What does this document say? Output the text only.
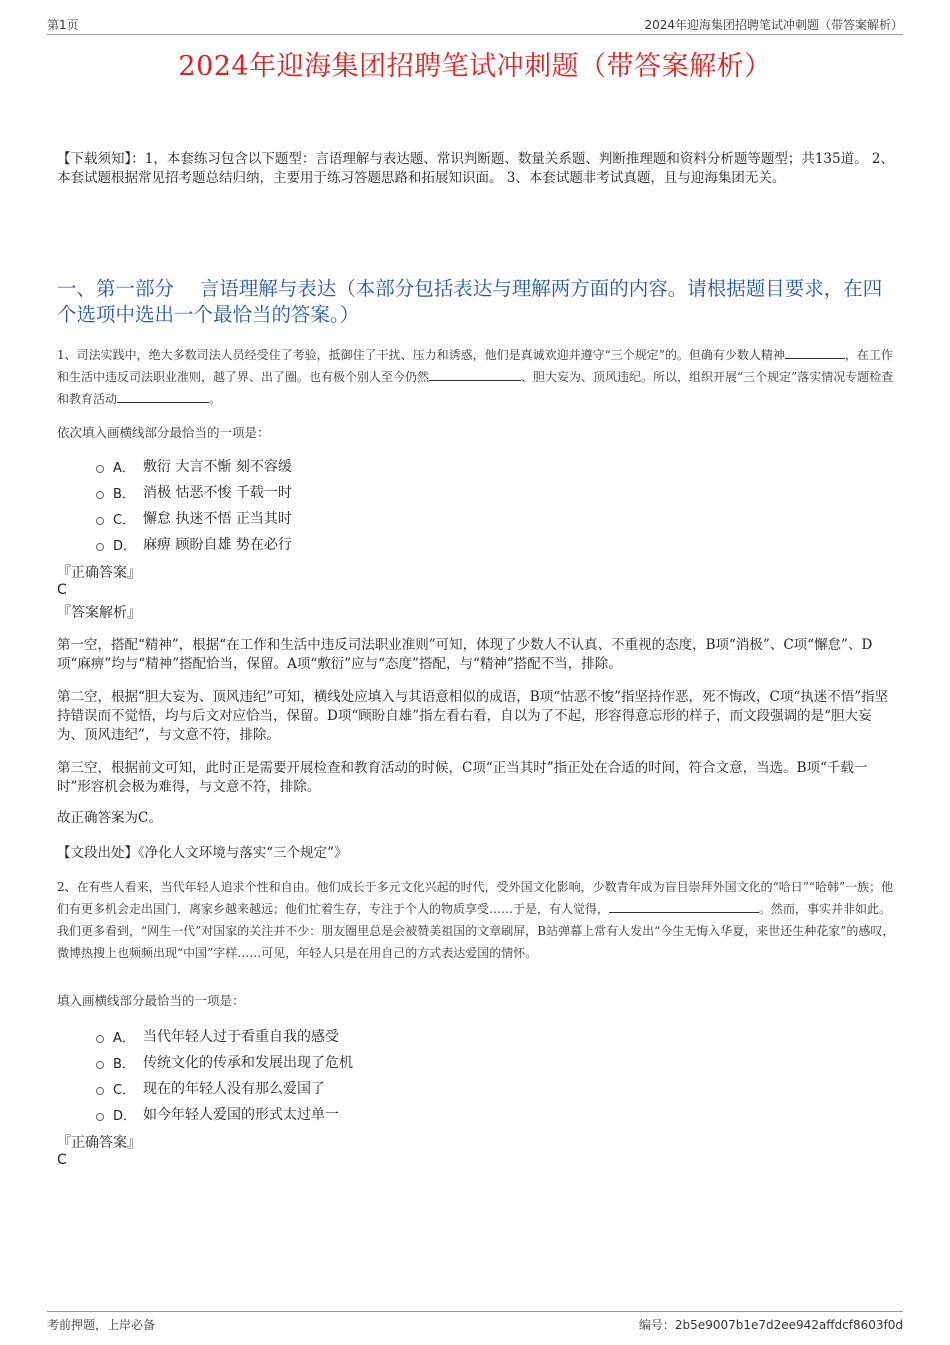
第1页	2024年迎海集团招聘笔试冲刺题（带答案解析）
2024年迎海集团招聘笔试冲刺题（带答案解析）
【下载须知】：1，本套练习包含以下题型：言语理解与表达题、常识判断题、数量关系题、判断推理题和资料分析题等题型；共135道。 2、本套试题根据常见招考题总结归纳，主要用于练习答题思路和拓展知识面。 3、本套试题非考试真题，且与迎海集团无关。
一、第一部分　 言语理解与表达（本部分包括表达与理解两方面的内容。请根据题目要求，在四个选项中选出一个最恰当的答案。）
1、司法实践中，绝大多数司法人员经受住了考验，抵御住了干扰、压力和诱惑，他们是真诚欢迎并遵守“三个规定”的。但确有少数人精神	，在工作和生活中违反司法职业准则，越了界、出了圈。也有极个别人至今仍然	、胆大妄为、顶风违纪。所以，组织开展“三个规定”落实情况专题检查和教育活动	。
依次填入画横线部分最恰当的一项是：
A． 敷衍 大言不惭 刻不容缓
B． 消极 怙恶不悛 千载一时
C． 懈怠 执迷不悟 正当其时
D． 麻痹 顾盼自雄 势在必行
『正确答案』
C
『答案解析』
第一空，搭配“精神”，根据“在工作和生活中违反司法职业准则”可知，体现了少数人不认真、不重视的态度，B项“消极”、C项“懈怠”、D项“麻痹”均与“精神”搭配恰当，保留。A项“敷衍”应与“态度”搭配，与“精神”搭配不当，排除。
第二空，根据“胆大妄为、顶风违纪”可知，横线处应填入与其语意相似的成语，B项“怙恶不悛”指坚持作恶，死不悔改，C项“执迷不悟”指坚持错误而不觉悟，均与后文对应恰当，保留。D项“顾盼自雄”指左看右看，自以为了不起，形容得意忘形的样子，而文段强调的是“胆大妄为、顶风违纪”，与文意不符，排除。
第三空，根据前文可知，此时正是需要开展检查和教育活动的时候，C项“正当其时”指正处在合适的时间，符合文意，当选。B项“千载一时”形容机会极为难得，与文意不符，排除。
故正确答案为C。
【文段出处】《净化人文环境与落实“三个规定”》
2、在有些人看来，当代年轻人追求个性和自由。他们成长于多元文化兴起的时代，受外国文化影响，少数青年成为盲目崇拜外国文化的“哈日”“哈韩”一族；他们有更多机会走出国门，离家乡越来越远；他们忙着生存，专注于个人的物质享受……于是，有人觉得，	。然而，事实并非如此。我们更多看到，“网生一代”对国家的关注并不少：朋友圈里总是会被赞美祖国的文章刷屏，B站弹幕上常有人发出“今生无悔入华夏，来世还生种花家”的感叹，微博热搜上也频频出现“中国”字样……可见，年轻人只是在用自己的方式表达爱国的情怀。
填入画横线部分最恰当的一项是：
A． 当代年轻人过于看重自我的感受
B． 传统文化的传承和发展出现了危机
C． 现在的年轻人没有那么爱国了
D． 如今年轻人爱国的形式太过单一
『正确答案』
C
考前押题，上岸必备	编号：2b5e9007b1e7d2ee942affdcf8603f0d
